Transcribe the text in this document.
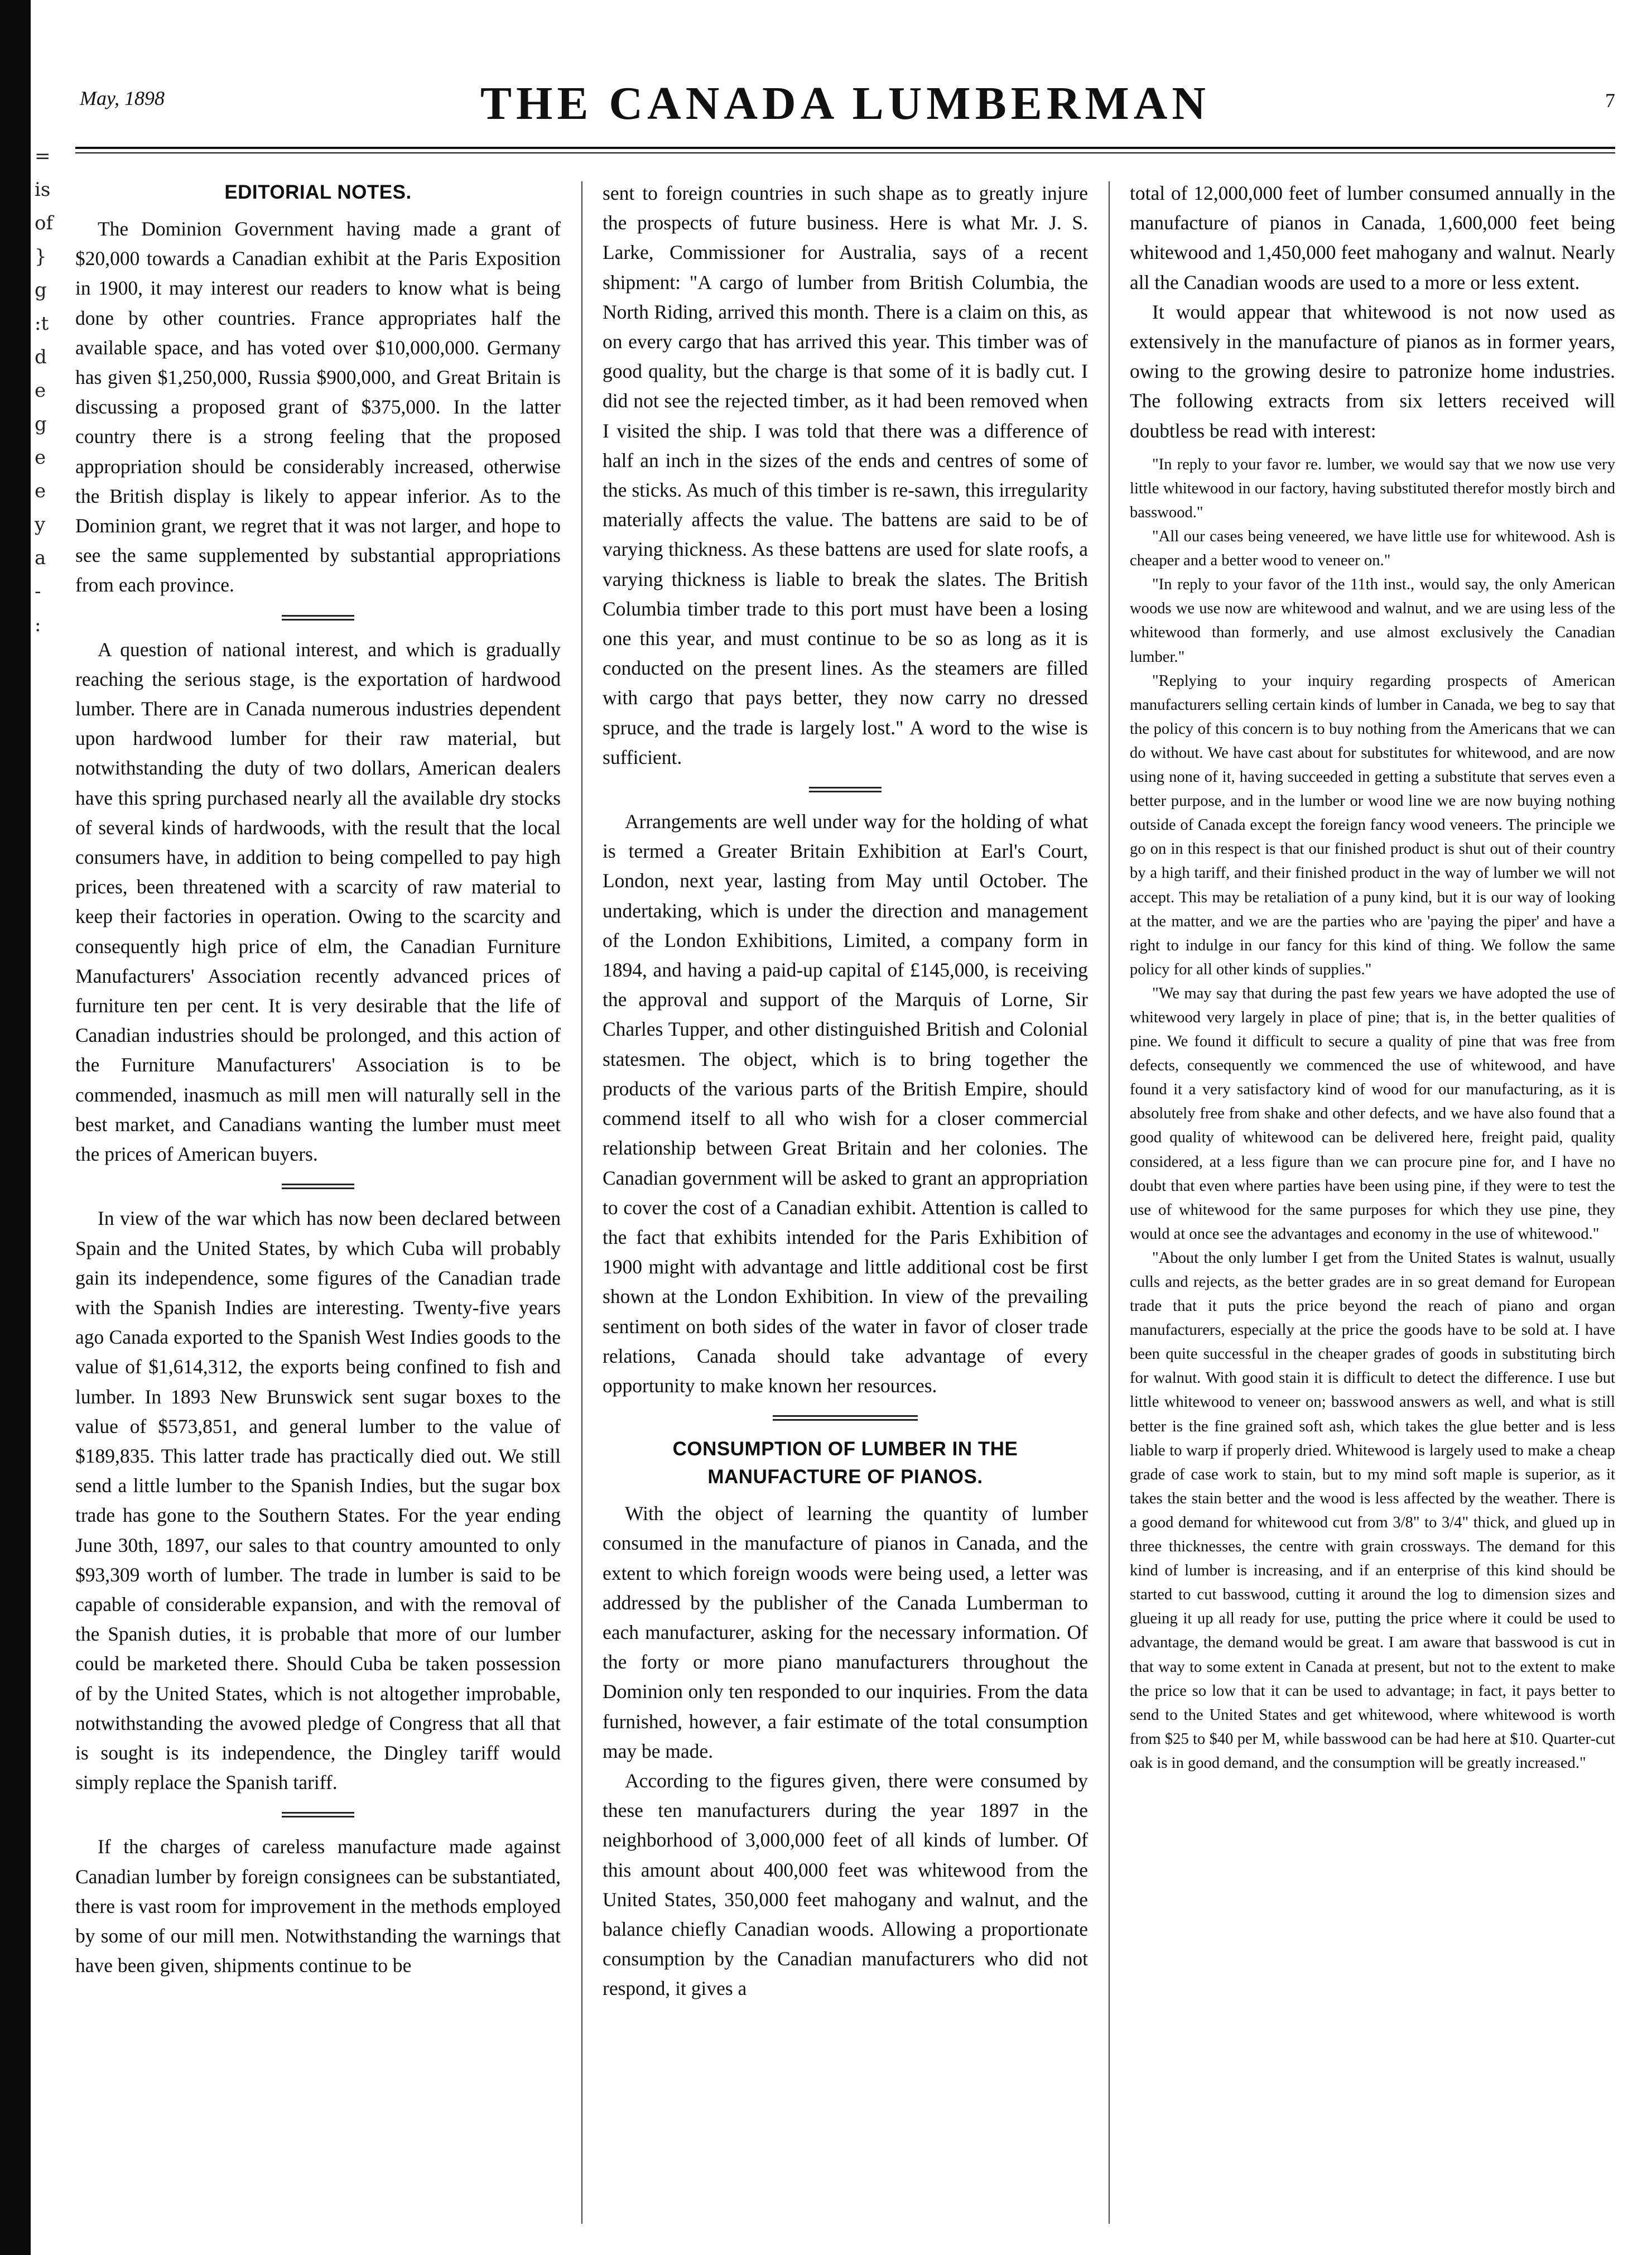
=
is
of
}
g
:t
d
e
g
e
e
y
a
-
:
May, 1898	THE CANADA LUMBERMAN	7
EDITORIAL NOTES.

The Dominion Government having made a grant of $20,000 towards a Canadian exhibit at the Paris Exposition in 1900, it may interest our readers to know what is being done by other countries. France appropriates half the available space, and has voted over $10,000,000. Germany has given $1,250,000, Russia $900,000, and Great Britain is discussing a proposed grant of $375,000. In the latter country there is a strong feeling that the proposed appropriation should be considerably increased, otherwise the British display is likely to appear inferior. As to the Dominion grant, we regret that it was not larger, and hope to see the same supplemented by substantial appropriations from each province.

A question of national interest, and which is gradually reaching the serious stage, is the exportation of hardwood lumber. There are in Canada numerous industries dependent upon hardwood lumber for their raw material, but notwithstanding the duty of two dollars, American dealers have this spring purchased nearly all the available dry stocks of several kinds of hardwoods, with the result that the local consumers have, in addition to being compelled to pay high prices, been threatened with a scarcity of raw material to keep their factories in operation. Owing to the scarcity and consequently high price of elm, the Canadian Furniture Manufacturers' Association recently advanced prices of furniture ten per cent. It is very desirable that the life of Canadian industries should be prolonged, and this action of the Furniture Manufacturers' Association is to be commended, inasmuch as mill men will naturally sell in the best market, and Canadians wanting the lumber must meet the prices of American buyers.

In view of the war which has now been declared between Spain and the United States, by which Cuba will probably gain its independence, some figures of the Canadian trade with the Spanish Indies are interesting. Twenty-five years ago Canada exported to the Spanish West Indies goods to the value of $1,614,312, the exports being confined to fish and lumber. In 1893 New Brunswick sent sugar boxes to the value of $573,851, and general lumber to the value of $189,835. This latter trade has practically died out. We still send a little lumber to the Spanish Indies, but the sugar box trade has gone to the Southern States. For the year ending June 30th, 1897, our sales to that country amounted to only $93,309 worth of lumber. The trade in lumber is said to be capable of considerable expansion, and with the removal of the Spanish duties, it is probable that more of our lumber could be marketed there. Should Cuba be taken possession of by the United States, which is not altogether improbable, notwithstanding the avowed pledge of Congress that all that is sought is its independence, the Dingley tariff would simply replace the Spanish tariff.

If the charges of careless manufacture made against Canadian lumber by foreign consignees can be substantiated, there is vast room for improvement in the methods employed by some of our mill men. Notwithstanding the warnings that have been given, shipments continue to be

sent to foreign countries in such shape as to greatly injure the prospects of future business. Here is what Mr. J. S. Larke, Commissioner for Australia, says of a recent shipment: "A cargo of lumber from British Columbia, the North Riding, arrived this month. There is a claim on this, as on every cargo that has arrived this year. This timber was of good quality, but the charge is that some of it is badly cut. I did not see the rejected timber, as it had been removed when I visited the ship. I was told that there was a difference of half an inch in the sizes of the ends and centres of some of the sticks. As much of this timber is re-sawn, this irregularity materially affects the value. The battens are said to be of varying thickness. As these battens are used for slate roofs, a varying thickness is liable to break the slates. The British Columbia timber trade to this port must have been a losing one this year, and must continue to be so as long as it is conducted on the present lines. As the steamers are filled with cargo that pays better, they now carry no dressed spruce, and the trade is largely lost." A word to the wise is sufficient.

Arrangements are well under way for the holding of what is termed a Greater Britain Exhibition at Earl's Court, London, next year, lasting from May until October. The undertaking, which is under the direction and management of the London Exhibitions, Limited, a company form in 1894, and having a paid-up capital of £145,000, is receiving the approval and support of the Marquis of Lorne, Sir Charles Tupper, and other distinguished British and Colonial statesmen. The object, which is to bring together the products of the various parts of the British Empire, should commend itself to all who wish for a closer commercial relationship between Great Britain and her colonies. The Canadian government will be asked to grant an appropriation to cover the cost of a Canadian exhibit. Attention is called to the fact that exhibits intended for the Paris Exhibition of 1900 might with advantage and little additional cost be first shown at the London Exhibition. In view of the prevailing sentiment on both sides of the water in favor of closer trade relations, Canada should take advantage of every opportunity to make known her resources.

CONSUMPTION OF LUMBER IN THE MANUFACTURE OF PIANOS.

With the object of learning the quantity of lumber consumed in the manufacture of pianos in Canada, and the extent to which foreign woods were being used, a letter was addressed by the publisher of the Canada Lumberman to each manufacturer, asking for the necessary information. Of the forty or more piano manufacturers throughout the Dominion only ten responded to our inquiries. From the data furnished, however, a fair estimate of the total consumption may be made.

According to the figures given, there were consumed by these ten manufacturers during the year 1897 in the neighborhood of 3,000,000 feet of all kinds of lumber. Of this amount about 400,000 feet was whitewood from the United States, 350,000 feet mahogany and walnut, and the balance chiefly Canadian woods. Allowing a proportionate consumption by the Canadian manufacturers who did not respond, it gives a

total of 12,000,000 feet of lumber consumed annually in the manufacture of pianos in Canada, 1,600,000 feet being whitewood and 1,450,000 feet mahogany and walnut. Nearly all the Canadian woods are used to a more or less extent.

It would appear that whitewood is not now used as extensively in the manufacture of pianos as in former years, owing to the growing desire to patronize home industries. The following extracts from six letters received will doubtless be read with interest:

"In reply to your favor re. lumber, we would say that we now use very little whitewood in our factory, having substituted therefor mostly birch and basswood."

"All our cases being veneered, we have little use for whitewood. Ash is cheaper and a better wood to veneer on."

"In reply to your favor of the 11th inst., would say, the only American woods we use now are whitewood and walnut, and we are using less of the whitewood than formerly, and use almost exclusively the Canadian lumber."

"Replying to your inquiry regarding prospects of American manufacturers selling certain kinds of lumber in Canada, we beg to say that the policy of this concern is to buy nothing from the Americans that we can do without. We have cast about for substitutes for whitewood, and are now using none of it, having succeeded in getting a substitute that serves even a better purpose, and in the lumber or wood line we are now buying nothing outside of Canada except the foreign fancy wood veneers. The principle we go on in this respect is that our finished product is shut out of their country by a high tariff, and their finished product in the way of lumber we will not accept. This may be retaliation of a puny kind, but it is our way of looking at the matter, and we are the parties who are 'paying the piper' and have a right to indulge in our fancy for this kind of thing. We follow the same policy for all other kinds of supplies."

"We may say that during the past few years we have adopted the use of whitewood very largely in place of pine; that is, in the better qualities of pine. We found it difficult to secure a quality of pine that was free from defects, consequently we commenced the use of whitewood, and have found it a very satisfactory kind of wood for our manufacturing, as it is absolutely free from shake and other defects, and we have also found that a good quality of whitewood can be delivered here, freight paid, quality considered, at a less figure than we can procure pine for, and I have no doubt that even where parties have been using pine, if they were to test the use of whitewood for the same purposes for which they use pine, they would at once see the advantages and economy in the use of whitewood."

"About the only lumber I get from the United States is walnut, usually culls and rejects, as the better grades are in so great demand for European trade that it puts the price beyond the reach of piano and organ manufacturers, especially at the price the goods have to be sold at. I have been quite successful in the cheaper grades of goods in substituting birch for walnut. With good stain it is difficult to detect the difference. I use but little whitewood to veneer on; basswood answers as well, and what is still better is the fine grained soft ash, which takes the glue better and is less liable to warp if properly dried. Whitewood is largely used to make a cheap grade of case work to stain, but to my mind soft maple is superior, as it takes the stain better and the wood is less affected by the weather. There is a good demand for whitewood cut from 3/8" to 3/4" thick, and glued up in three thicknesses, the centre with grain crossways. The demand for this kind of lumber is increasing, and if an enterprise of this kind should be started to cut basswood, cutting it around the log to dimension sizes and glueing it up all ready for use, putting the price where it could be used to advantage, the demand would be great. I am aware that basswood is cut in that way to some extent in Canada at present, but not to the extent to make the price so low that it can be used to advantage; in fact, it pays better to send to the United States and get whitewood, where whitewood is worth from $25 to $40 per M, while basswood can be had here at $10. Quarter-cut oak is in good demand, and the consumption will be greatly increased."
